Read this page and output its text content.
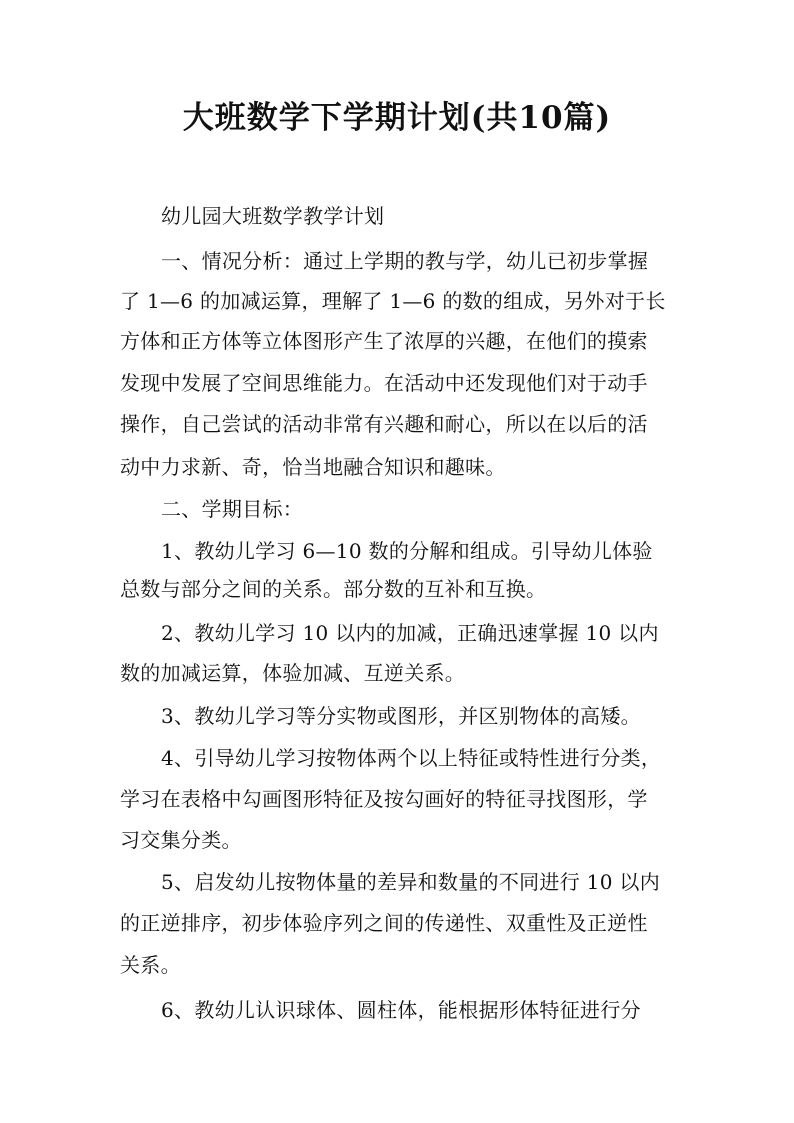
大班数学下学期计划(共10篇)
幼儿园大班数学教学计划
一、情况分析：通过上学期的教与学，幼儿已初步掌握
了 1—6 的加减运算，理解了 1—6 的数的组成，另外对于长
方体和正方体等立体图形产生了浓厚的兴趣，在他们的摸索
发现中发展了空间思维能力。在活动中还发现他们对于动手
操作，自己尝试的活动非常有兴趣和耐心，所以在以后的活
动中力求新、奇，恰当地融合知识和趣味。
二、学期目标：
1、教幼儿学习 6—10 数的分解和组成。引导幼儿体验
总数与部分之间的关系。部分数的互补和互换。
2、教幼儿学习 10 以内的加减，正确迅速掌握 10 以内
数的加减运算，体验加减、互逆关系。
3、教幼儿学习等分实物或图形，并区别物体的高矮。
4、引导幼儿学习按物体两个以上特征或特性进行分类，
学习在表格中勾画图形特征及按勾画好的特征寻找图形，学
习交集分类。
5、启发幼儿按物体量的差异和数量的不同进行 10 以内
的正逆排序，初步体验序列之间的传递性、双重性及正逆性
关系。
6、教幼儿认识球体、圆柱体，能根据形体特征进行分
